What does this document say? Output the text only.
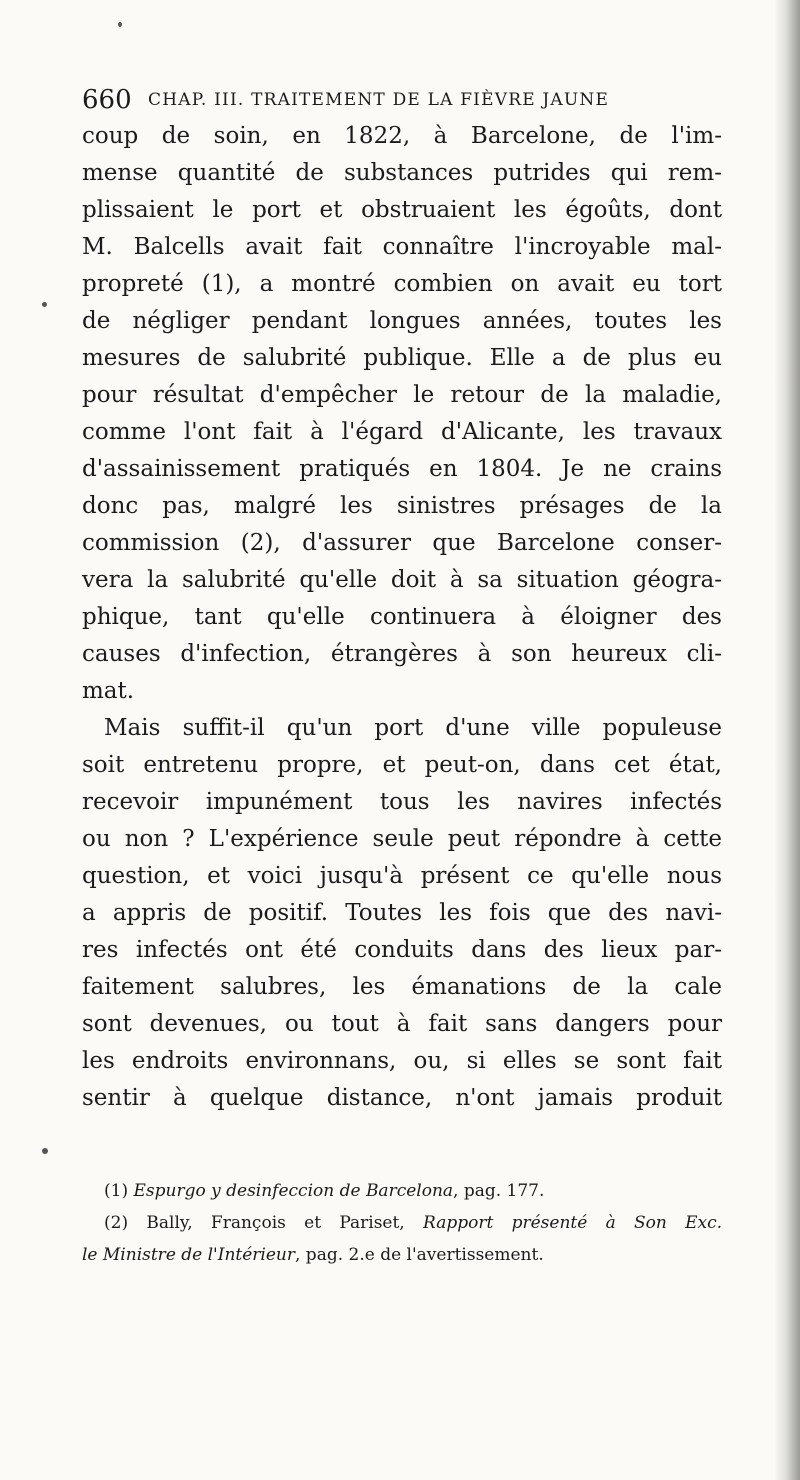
660 CHAP. III. TRAITEMENT DE LA FIÈVRE JAUNE
coup de soin, en 1822, à Barcelone, de l'im-
mense quantité de substances putrides qui rem-
plissaient le port et obstruaient les égoûts, dont
M. Balcells avait fait connaître l'incroyable mal-
propreté (1), a montré combien on avait eu tort
de négliger pendant longues années, toutes les
mesures de salubrité publique. Elle a de plus eu
pour résultat d'empêcher le retour de la maladie,
comme l'ont fait à l'égard d'Alicante, les travaux
d'assainissement pratiqués en 1804. Je ne crains
donc pas, malgré les sinistres présages de la
commission (2), d'assurer que Barcelone conser-
vera la salubrité qu'elle doit à sa situation géogra-
phique, tant qu'elle continuera à éloigner des
causes d'infection, étrangères à son heureux cli-
mat.
Mais suffit-il qu'un port d'une ville populeuse
soit entretenu propre, et peut-on, dans cet état,
recevoir impunément tous les navires infectés
ou non ? L'expérience seule peut répondre à cette
question, et voici jusqu'à présent ce qu'elle nous
a appris de positif. Toutes les fois que des navi-
res infectés ont été conduits dans des lieux par-
faitement salubres, les émanations de la cale
sont devenues, ou tout à fait sans dangers pour
les endroits environnans, ou, si elles se sont fait
sentir à quelque distance, n'ont jamais produit
(1) Espurgo y desinfeccion de Barcelona, pag. 177.
(2) Bally, François et Pariset, Rapport présenté à Son Exc.
le Ministre de l'Intérieur, pag. 2.e de l'avertissement.
